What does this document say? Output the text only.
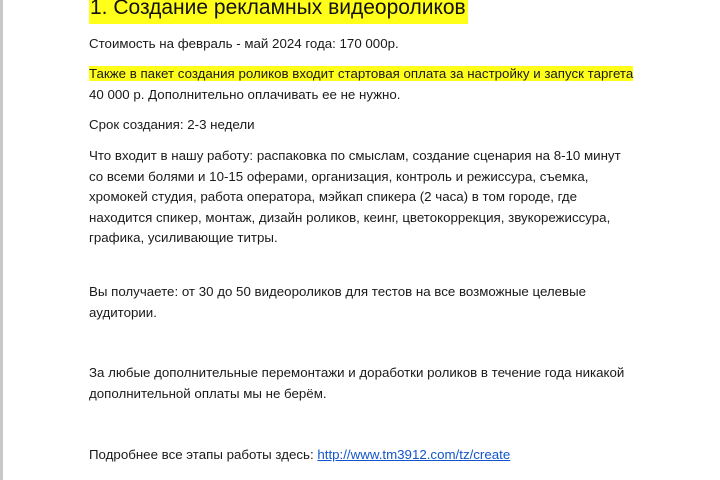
1. Создание рекламных видеороликов
Стоимость на февраль - май 2024 года: 170 000р.
Также в пакет создания роликов входит стартовая оплата за настройку и запуск таргета
40 000 р. Дополнительно оплачивать ее не нужно.
Срок создания: 2-3 недели
Что входит в нашу работу: распаковка по смыслам, создание сценария на 8-10 минут
со всеми болями и 10-15 оферами, организация, контроль и режиссура, съемка,
хромокей студия, работа оператора, мэйкап спикера (2 часа) в том городе, где
находится спикер, монтаж, дизайн роликов, кеинг, цветокоррекция, звукорежиссура,
графика, усиливающие титры.
Вы получаете: от 30 до 50 видеороликов для тестов на все возможные целевые
аудитории.
За любые дополнительные перемонтажи и доработки роликов в течение года никакой
дополнительной оплаты мы не берём.
Подробнее все этапы работы здесь: http://www.tm3912.com/tz/create
